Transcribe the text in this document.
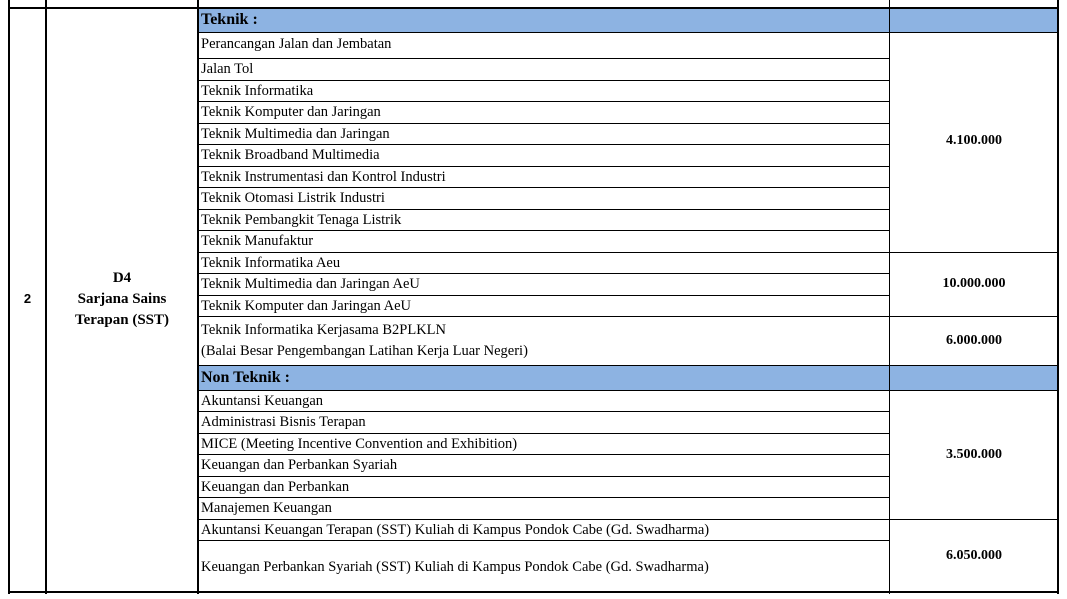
2
D4
Sarjana Sains
Terapan (SST)
Teknik :
Perancangan Jalan dan Jembatan
Jalan Tol
Teknik Informatika
Teknik Komputer dan Jaringan
Teknik Multimedia dan Jaringan
Teknik Broadband Multimedia
Teknik Instrumentasi dan Kontrol Industri
Teknik Otomasi Listrik Industri
Teknik Pembangkit Tenaga Listrik
Teknik Manufaktur
4.100.000
Teknik Informatika Aeu
Teknik Multimedia dan Jaringan AeU
Teknik Komputer dan Jaringan AeU
10.000.000
Teknik Informatika Kerjasama B2PLKLN
(Balai Besar Pengembangan Latihan Kerja Luar Negeri)
6.000.000
Non Teknik :
Akuntansi Keuangan
Administrasi Bisnis Terapan
MICE (Meeting Incentive Convention and Exhibition)
Keuangan dan Perbankan Syariah
Keuangan dan Perbankan
Manajemen Keuangan
3.500.000
Akuntansi Keuangan Terapan (SST) Kuliah di Kampus Pondok Cabe (Gd. Swadharma)
Keuangan Perbankan Syariah (SST) Kuliah di Kampus Pondok Cabe (Gd. Swadharma)
6.050.000
